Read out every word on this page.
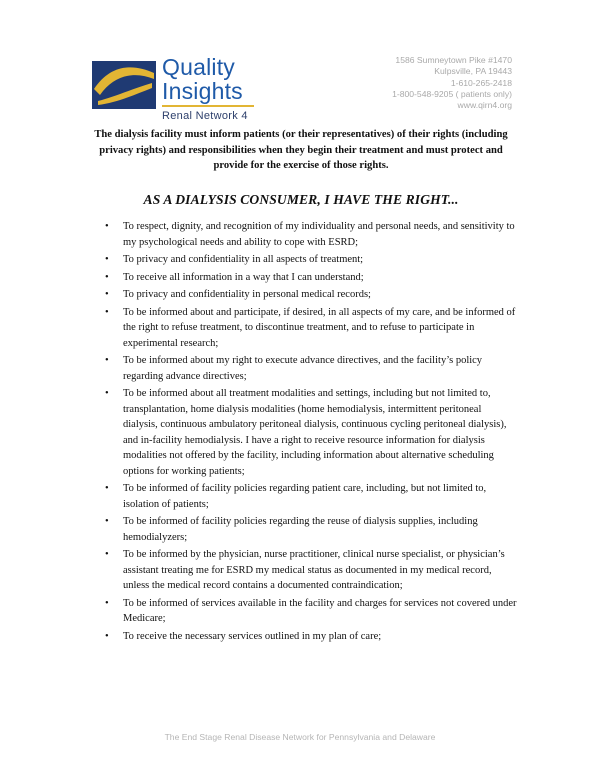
Quality
Insights
Renal Network 4
1586 Sumneytown Pike #1470
Kulpsville, PA 19443
1-610-265-2418
1-800-548-9205 ( patients only)
www.qirn4.org
The dialysis facility must inform patients (or their representatives) of their rights (including privacy rights) and responsibilities when they begin their treatment and must protect and provide for the exercise of those rights.
AS A DIALYSIS CONSUMER, I HAVE THE RIGHT...
• To respect, dignity, and recognition of my individuality and personal needs, and sensitivity to my psychological needs and ability to cope with ESRD;
• To privacy and confidentiality in all aspects of treatment;
• To receive all information in a way that I can understand;
• To privacy and confidentiality in personal medical records;
• To be informed about and participate, if desired, in all aspects of my care, and be informed of the right to refuse treatment, to discontinue treatment, and to refuse to participate in experimental research;
• To be informed about my right to execute advance directives, and the facility’s policy regarding advance directives;
• To be informed about all treatment modalities and settings, including but not limited to, transplantation, home dialysis modalities (home hemodialysis, intermittent peritoneal dialysis, continuous ambulatory peritoneal dialysis, continuous cycling peritoneal dialysis), and in-facility hemodialysis. I have a right to receive resource information for dialysis modalities not offered by the facility, including information about alternative scheduling options for working patients;
• To be informed of facility policies regarding patient care, including, but not limited to, isolation of patients;
• To be informed of facility policies regarding the reuse of dialysis supplies, including hemodialyzers;
• To be informed by the physician, nurse practitioner, clinical nurse specialist, or physician’s assistant treating me for ESRD my medical status as documented in my medical record, unless the medical record contains a documented contraindication;
• To be informed of services available in the facility and charges for services not covered under Medicare;
• To receive the necessary services outlined in my plan of care;
The End Stage Renal Disease Network for Pennsylvania and Delaware
